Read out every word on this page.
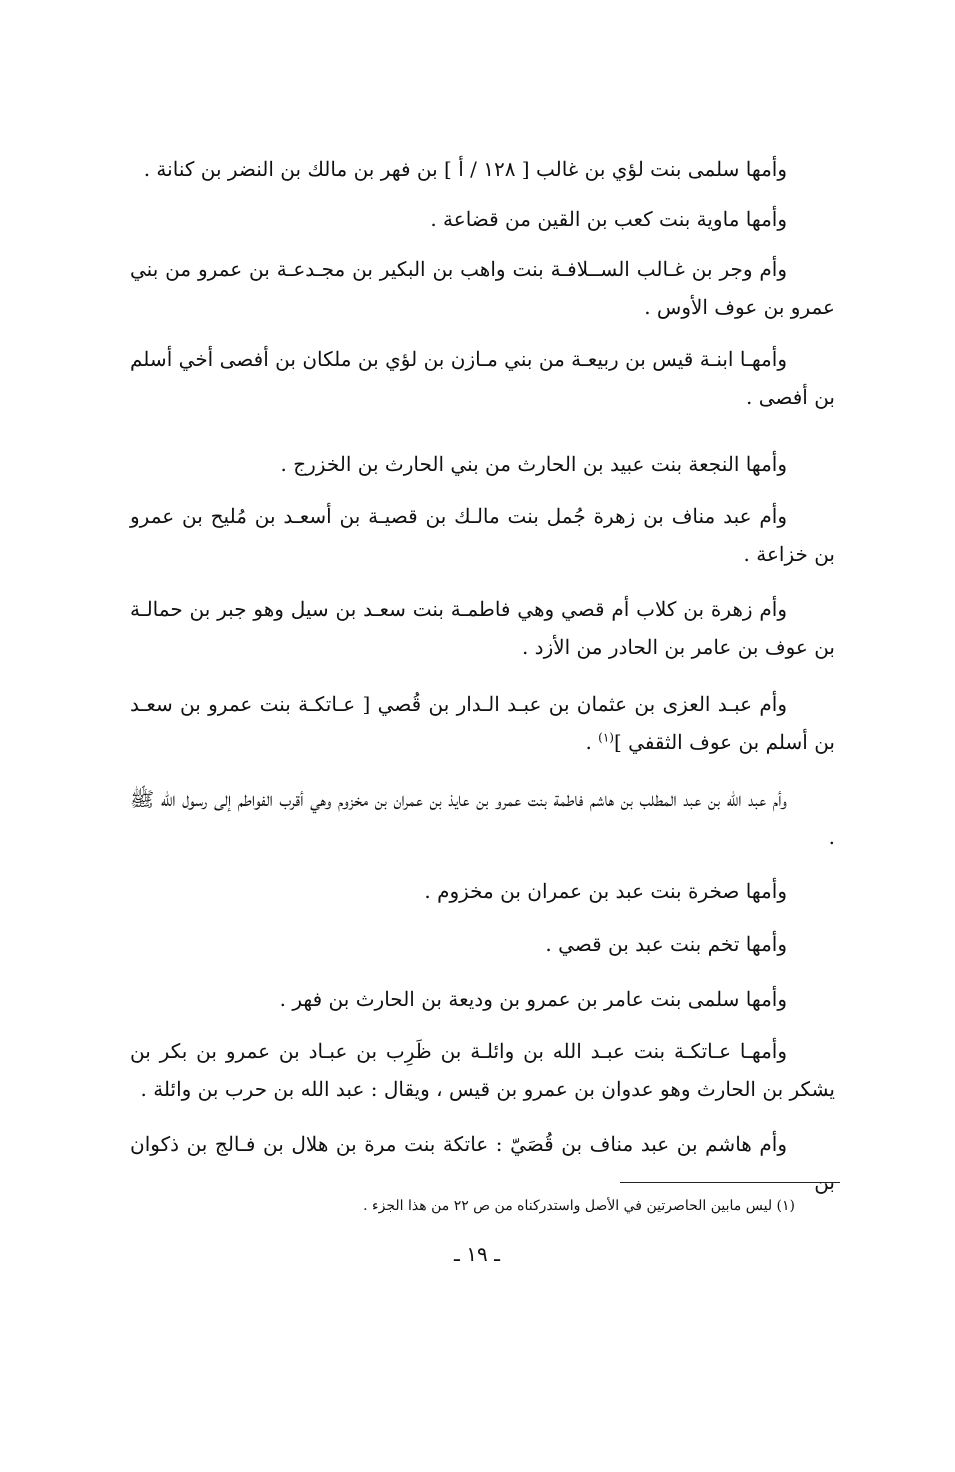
وأمها سلمى بنت لؤي بن غالب [ ١٢٨ / أ ] بن فهر بن مالك بن النضر بن كنانة .

وأمها ماوية بنت كعب بن القين من قضاعة .

وأم وجر بن غـالب الســلافـة بنت واهب بن البكير بن مجـدعـة بن عمرو من بني عمرو بن عوف الأوس .

وأمهـا ابنـة قيس بن ربيعـة من بني مـازن بن لؤي بن ملكان بن أفصى أخي أسلم بن أفصى .

وأمها النجعة بنت عبيد بن الحارث من بني الحارث بن الخزرج .

وأم عبد مناف بن زهرة جُمل بنت مالـك بن قصيـة بن أسعـد بن مُليح بن عمرو بن خزاعة .

وأم زهرة بن كلاب أم قصي وهي فاطمـة بنت سعـد بن سيل وهو جبر بن حمالـة بن عوف بن عامر بن الحادر من الأزد .

وأم عبـد العزى بن عثمان بن عبـد الـدار بن قُصي [ عـاتكـة بنت عمرو بن سعـد بن أسلم بن عوف الثقفي ]$^{(١)}$ .

وأم عبد الله بن عبد المطلب بن هاشم فاطمة بنت عمرو بن عايذ بن عمران بن مخزوم وهي أقرب الفواطم إلى رسول الله ﷺ .

وأمها صخرة بنت عبد بن عمران بن مخزوم .

وأمها تخم بنت عبد بن قصي .

وأمها سلمى بنت عامر بن عمرو بن وديعة بن الحارث بن فهر .

وأمهـا عـاتكـة بنت عبـد الله بن وائلـة بن ظَرِب بن عبـاد بن عمرو بن بكر بن يشكر بن الحارث وهو عدوان بن عمرو بن قيس ، ويقال : عبد الله بن حرب بن وائلة .

وأم هاشم بن عبد مناف بن قُصَيّ : عاتكة بنت مرة بن هلال بن فـالج بن ذكوان بن

(١) ليس مابين الحاصرتين في الأصل واستدركناه من ص ٢٢ من هذا الجزء .

ـ ١٩ ـ
